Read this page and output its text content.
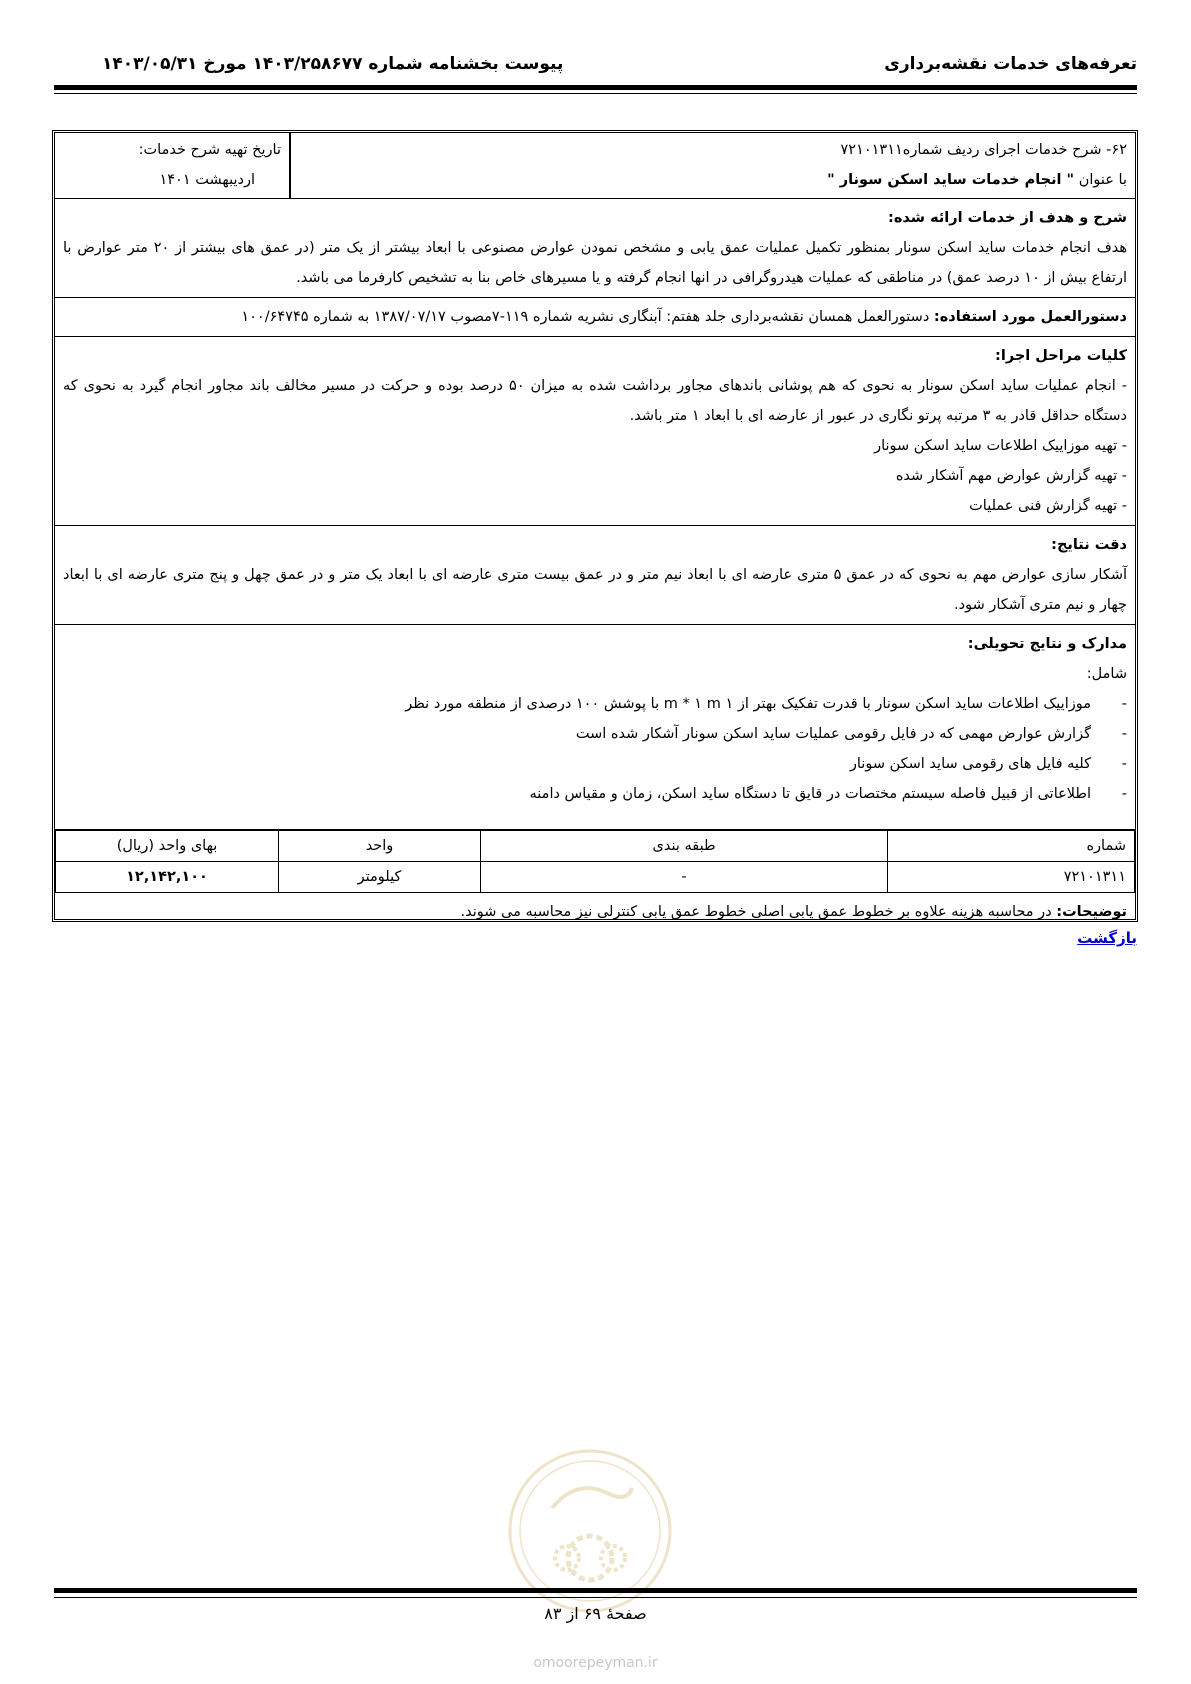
تعرفه‌های خدمات نقشه‌برداری
پیوست بخشنامه شماره ۱۴۰۳/۲۵۸۶۷۷ مورخ ۱۴۰۳/۰۵/۳۱
۶۲- شرح خدمات اجرای ردیف شماره۷۲۱۰۱۳۱۱
با عنوان " انجام خدمات ساید اسکن سونار "
تاریخ تهیه شرح خدمات:
اردیبهشت ۱۴۰۱
شرح و هدف از خدمات ارائه شده:
هدف انجام خدمات ساید اسکن سونار بمنظور تکمیل عملیات عمق یابی و مشخص نمودن عوارض مصنوعی با ابعاد بیشتر از یک متر (در عمق های بیشتر از ۲۰ متر عوارض با ارتفاع بیش از ۱۰ درصد عمق) در مناطقی که عملیات هیدروگرافی در انها انجام گرفته و یا مسیرهای خاص بنا به تشخیص کارفرما می باشد.
دستورالعمل مورد استفاده: دستورالعمل همسان نقشه‌برداری جلد هفتم: آبنگاری نشریه شماره ۱۱۹-۷مصوب ۱۳۸۷/۰۷/۱۷ به شماره ۱۰۰/۶۴۷۴۵
کلیات مراحل اجرا:
- انجام عملیات ساید اسکن سونار به نحوی که هم پوشانی باندهای مجاور برداشت شده به میزان ۵۰ درصد بوده و حرکت در مسیر مخالف باند مجاور انجام گیرد به نحوی که دستگاه حداقل قادر به ۳ مرتبه پرتو نگاری در عبور از عارضه ای با ابعاد ۱ متر باشد.
- تهیه موزاییک اطلاعات ساید اسکن سونار
- تهیه گزارش عوارض مهم آشکار شده
- تهیه گزارش فنی عملیات
دقت نتایج:
آشکار سازی عوارض مهم به نحوی که در عمق ۵ متری عارضه ای با ابعاد نیم متر و در عمق بیست متری عارضه ای با ابعاد یک متر و در عمق چهل و پنج متری عارضه ای با ابعاد چهار و نیم متری آشکار شود.
مدارک و نتایج تحویلی:
شامل:
-
موزاییک اطلاعات ساید اسکن سونار با قدرت تفکیک بهتر از ۱ m * ۱ m با پوشش ۱۰۰ درصدی از منطقه مورد نظر
-
گزارش عوارض مهمی که در فایل رقومی عملیات ساید اسکن سونار آشکار شده است
-
کلیه فایل های رقومی ساید اسکن سونار
-
اطلاعاتی از قبیل فاصله سیستم مختصات در قایق تا دستگاه ساید اسکن، زمان و مقیاس دامنه
شماره	طبقه بندی	واحد	بهای واحد (ریال)
۷۲۱۰۱۳۱۱	-	کیلومتر	۱۲,۱۴۲,۱۰۰
توضیحات: در محاسبه هزینه علاوه بر خطوط عمق یابی اصلی خطوط عمق یابی کنترلی نیز محاسبه می شوند.
بازگشت
صفحۀ ۶۹ از ۸۳
omoorepeyman.ir
